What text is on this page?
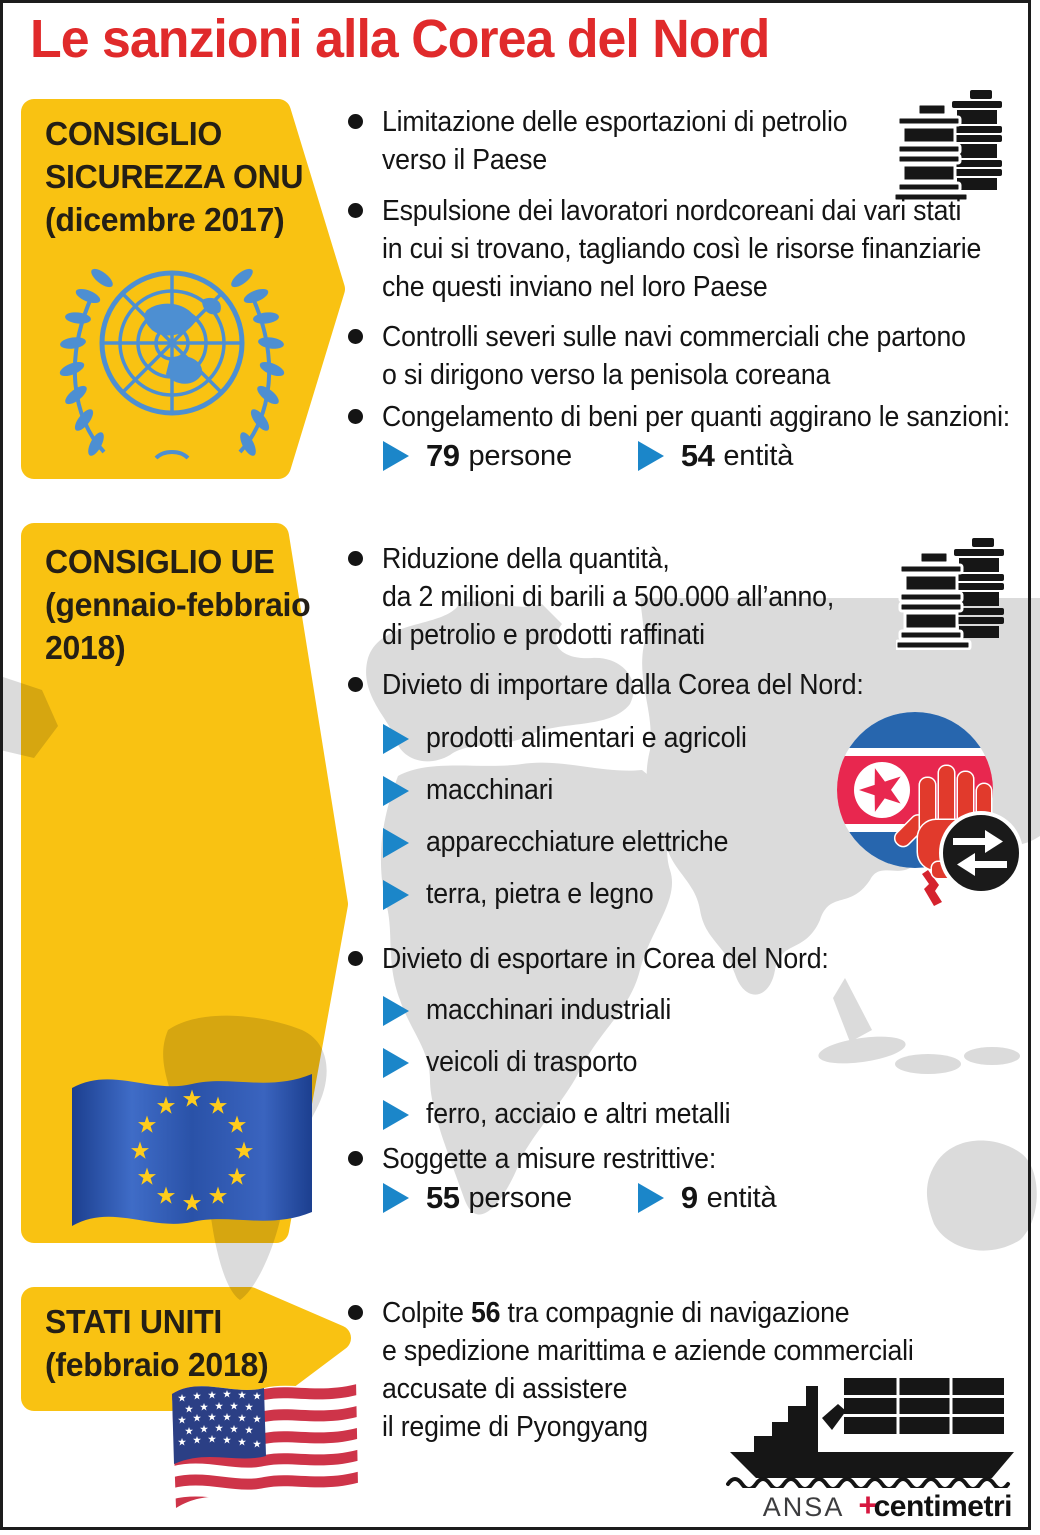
Le sanzioni alla Corea del Nord
CONSIGLIO
SICUREZZA ONU
(dicembre 2017)
Limitazione delle esportazioni di petrolio
verso il Paese
Espulsione dei lavoratori nordcoreani dai vari stati
in cui si trovano, tagliando così le risorse finanziarie
che questi inviano nel loro Paese
Controlli severi sulle navi commerciali che partono
o si dirigono verso la penisola coreana
Congelamento di beni per quanti aggirano le sanzioni:
79 persone	54 entità
CONSIGLIO UE
(gennaio-febbraio
2018)
Riduzione della quantità,
da 2 milioni di barili a 500.000 all’anno,
di petrolio e prodotti raffinati
Divieto di importare dalla Corea del Nord:
prodotti alimentari e agricoli
macchinari
apparecchiature elettriche
terra, pietra e legno
Divieto di esportare in Corea del Nord:
macchinari industriali
veicoli di trasporto
ferro, acciaio e altri metalli
Soggette a misure restrittive:
55 persone	9 entità
STATI UNITI
(febbraio 2018)
Colpite 56 tra compagnie di navigazione
e spedizione marittima e aziende commerciali
accusate di assistere
il regime di Pyongyang
ANSA +
centimetri
